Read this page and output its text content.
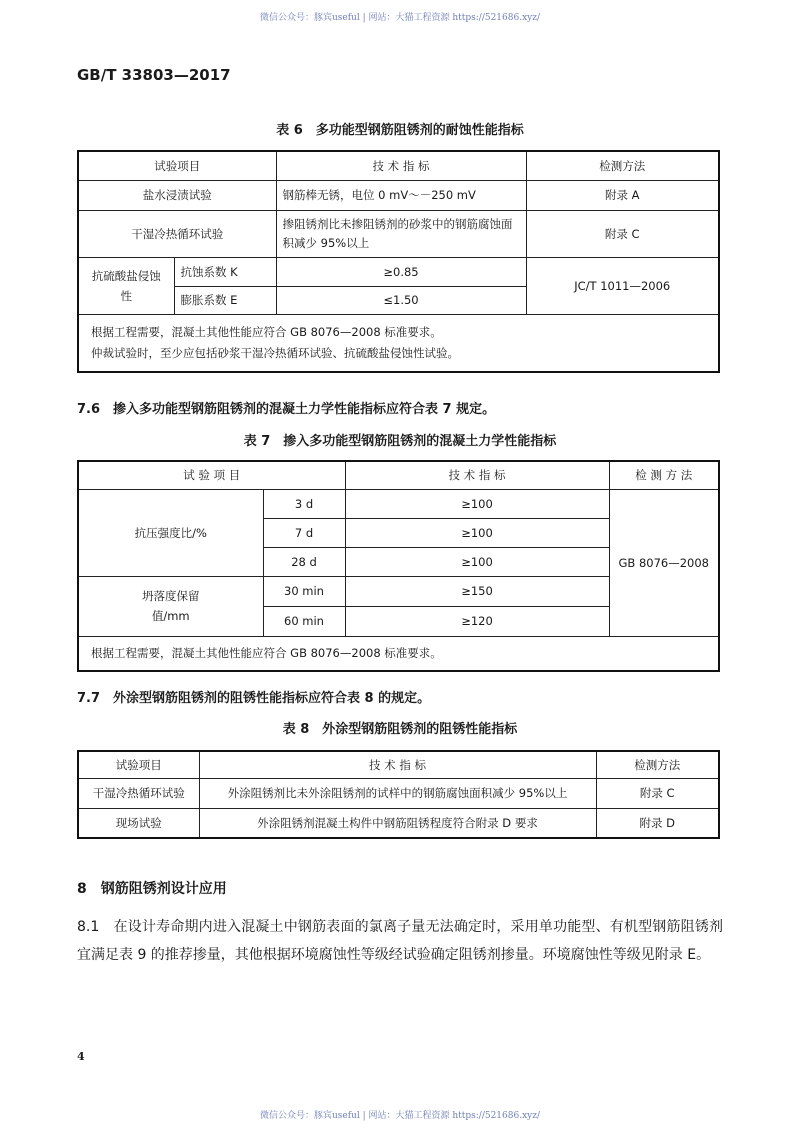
微信公众号：豚宾useful | 网站：大猫工程资源 https://521686.xyz/
GB/T 33803—2017
表 6　多功能型钢筋阻锈剂的耐蚀性能指标
试验项目		技 术 指 标	检测方法
盐水浸渍试验		钢筋棒无锈，电位 0 mV～－250 mV	附录 A
干湿冷热循环试验		掺阻锈剂比未掺阻锈剂的砂浆中的钢筋腐蚀面积减少 95%以上	附录 C
抗硫酸盐侵蚀性	抗蚀系数 K	≥0.85	JC/T 1011—2006
	膨胀系数 E	≤1.50	

根据工程需要，混凝土其他性能应符合 GB 8076—2008 标准要求。
仲裁试验时，至少应包括砂浆干湿冷热循环试验、抗硫酸盐侵蚀性试验。			
7.6　掺入多功能型钢筋阻锈剂的混凝土力学性能指标应符合表 7 规定。
表 7　掺入多功能型钢筋阻锈剂的混凝土力学性能指标
试 验 项 目		技 术 指 标	检 测 方 法
抗压强度比/%	3 d	≥100	GB 8076—2008
	7 d	≥100	
	28 d	≥100	
坍落度保留值/mm	30 min	≥150	
	60 min	≥120	
根据工程需要，混凝土其他性能应符合 GB 8076—2008 标准要求。			
7.7　外涂型钢筋阻锈剂的阻锈性能指标应符合表 8 的规定。
表 8　外涂型钢筋阻锈剂的阻锈性能指标
试验项目	技 术 指 标	检测方法
干湿冷热循环试验	外涂阻锈剂比未外涂阻锈剂的试样中的钢筋腐蚀面积减少 95%以上	附录 C
现场试验	外涂阻锈剂混凝土构件中钢筋阻锈程度符合附录 D 要求	附录 D
8　钢筋阻锈剂设计应用
8.1　在设计寿命期内进入混凝土中钢筋表面的氯离子量无法确定时，采用单功能型、有机型钢筋阻锈剂宜满足表 9 的推荐掺量，其他根据环境腐蚀性等级经试验确定阻锈剂掺量。环境腐蚀性等级见附录 E。
4
微信公众号：豚宾useful | 网站：大猫工程资源 https://521686.xyz/
